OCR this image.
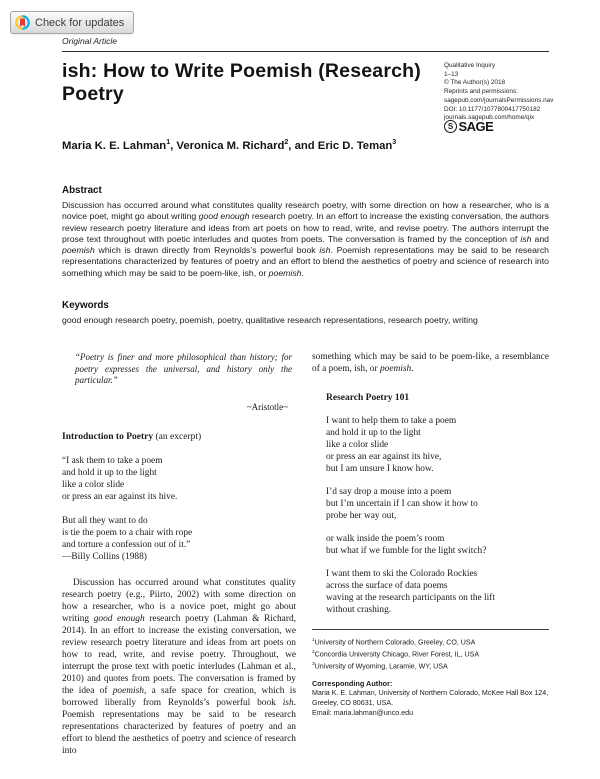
Check for updates
Original Article
ish: How to Write Poemish (Research) Poetry
Qualitative Inquiry
1–13
© The Author(s) 2018
Reprints and permissions:
sagepub.com/journalsPermissions.nav
DOI: 10.1177/1077800417750182
journals.sagepub.com/home/qix
S SAGE
Maria K. E. Lahman$^1$, Veronica M. Richard$^2$, and Eric D. Teman$^3$
Abstract
Discussion has occurred around what constitutes quality research poetry, with some direction on how a researcher, who is a novice poet, might go about writing good enough research poetry. In an effort to increase the existing conversation, the authors review research poetry literature and ideas from art poets on how to read, write, and revise poetry. The authors interrupt the prose text throughout with poetic interludes and quotes from poets. The conversation is framed by the conception of ish and poemish which is drawn directly from Reynolds’s powerful book ish. Poemish representations may be said to be research representations characterized by features of poetry and an effort to blend the aesthetics of poetry and science of research into something which may be said to be poem-like, ish, or poemish.
Keywords
good enough research poetry, poemish, poetry, qualitative research representations, research poetry, writing
“Poetry is finer and more philosophical than history; for poetry expresses the universal, and history only the particular.”
~Aristotle~
Introduction to Poetry (an excerpt)
“I ask them to take a poem
and hold it up to the light
like a color slide
or press an ear against its hive.
But all they want to do
is tie the poem to a chair with rope
and torture a confession out of it.”
—Billy Collins (1988)
Discussion has occurred around what constitutes quality research poetry (e.g., Piirto, 2002) with some direction on how a researcher, who is a novice poet, might go about writing good enough research poetry (Lahman & Richard, 2014). In an effort to increase the existing conversation, we review research poetry literature and ideas from art poets on how to read, write, and revise poetry. Throughout, we interrupt the prose text with poetic interludes (Lahman et al., 2010) and quotes from poets. The conversation is framed by the idea of poemish, a safe space for creation, which is borrowed liberally from Reynolds’s powerful book ish. Poemish representations may be said to be research representations characterized by features of poetry and an effort to blend the aesthetics of poetry and science of research into
something which may be said to be poem-like, a resemblance of a poem, ish, or poemish.
Research Poetry 101
I want to help them to take a poem
and hold it up to the light
like a color slide
or press an ear against its hive,
but I am unsure I know how.
I’d say drop a mouse into a poem
but I’m uncertain if I can show it how to
probe her way out,
or walk inside the poem’s room
but what if we fumble for the light switch?
I want them to ski the Colorado Rockies
across the surface of data poems
waving at the research participants on the lift
without crashing.
$^1$University of Northern Colorado, Greeley, CO, USA
$^2$Concordia University Chicago, River Forest, IL, USA
$^3$University of Wyoming, Laramie, WY, USA
Corresponding Author:
Maria K. E. Lahman, University of Northern Colorado, McKee Hall Box 124, Greeley, CO 80631, USA.
Email: maria.lahman@unco.edu
